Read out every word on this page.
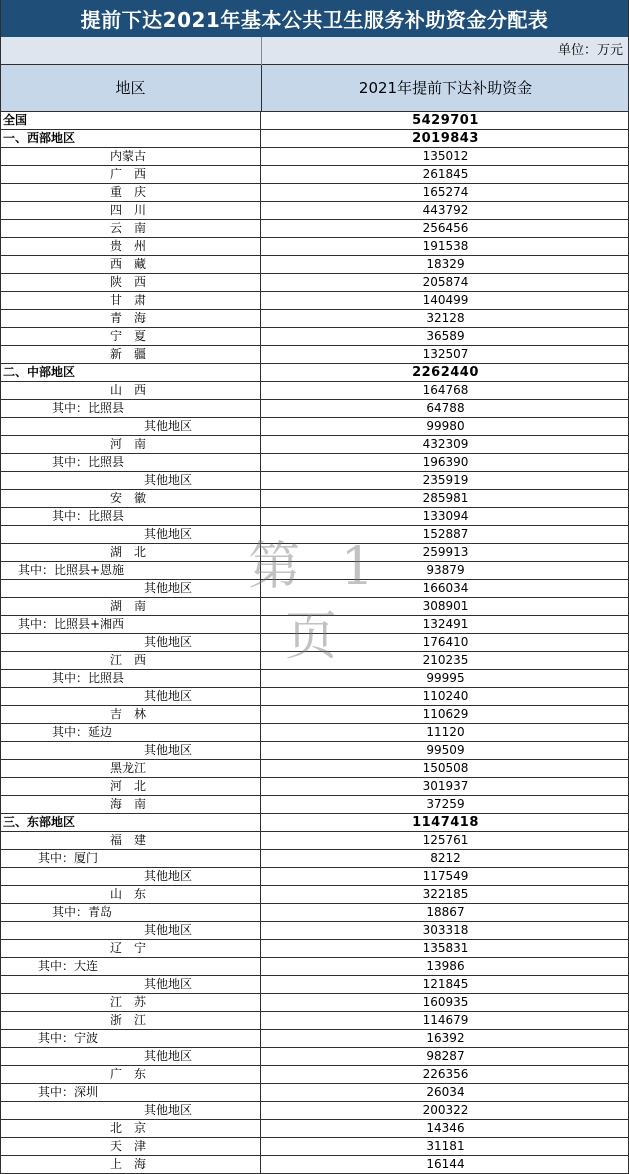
提前下达2021年基本公共卫生服务补助资金分配表
单位：万元
地区	2021年提前下达补助资金
全国	5429701
一、西部地区	2019843
内蒙古	135012
广　西	261845
重　庆	165274
四　川	443792
云　南	256456
贵　州	191538
西　藏	18329
陕　西	205874
甘　肃	140499
青　海	32128
宁　夏	36589
新　疆	132507
二、中部地区	2262440
山　西	164768
其中：比照县	64788
其他地区	99980
河　南	432309
其中：比照县	196390
其他地区	235919
安　徽	285981
其中：比照县	133094
其他地区	152887
湖　北	259913
其中：比照县+恩施	93879
其他地区	166034
湖　南	308901
其中：比照县+湘西	132491
其他地区	176410
江　西	210235
其中：比照县	99995
其他地区	110240
吉　林	110629
其中：延边	11120
其他地区	99509
黑龙江	150508
河　北	301937
海　南	37259
三、东部地区	1147418
福　建	125761
其中：厦门	8212
其他地区	117549
山　东	322185
其中：青岛	18867
其他地区	303318
辽　宁	135831
其中：大连	13986
其他地区	121845
江　苏	160935
浙　江	114679
其中：宁波	16392
其他地区	98287
广　东	226356
其中：深圳	26034
其他地区	200322
北　京	14346
天　津	31181
上　海	16144
第 1 页
